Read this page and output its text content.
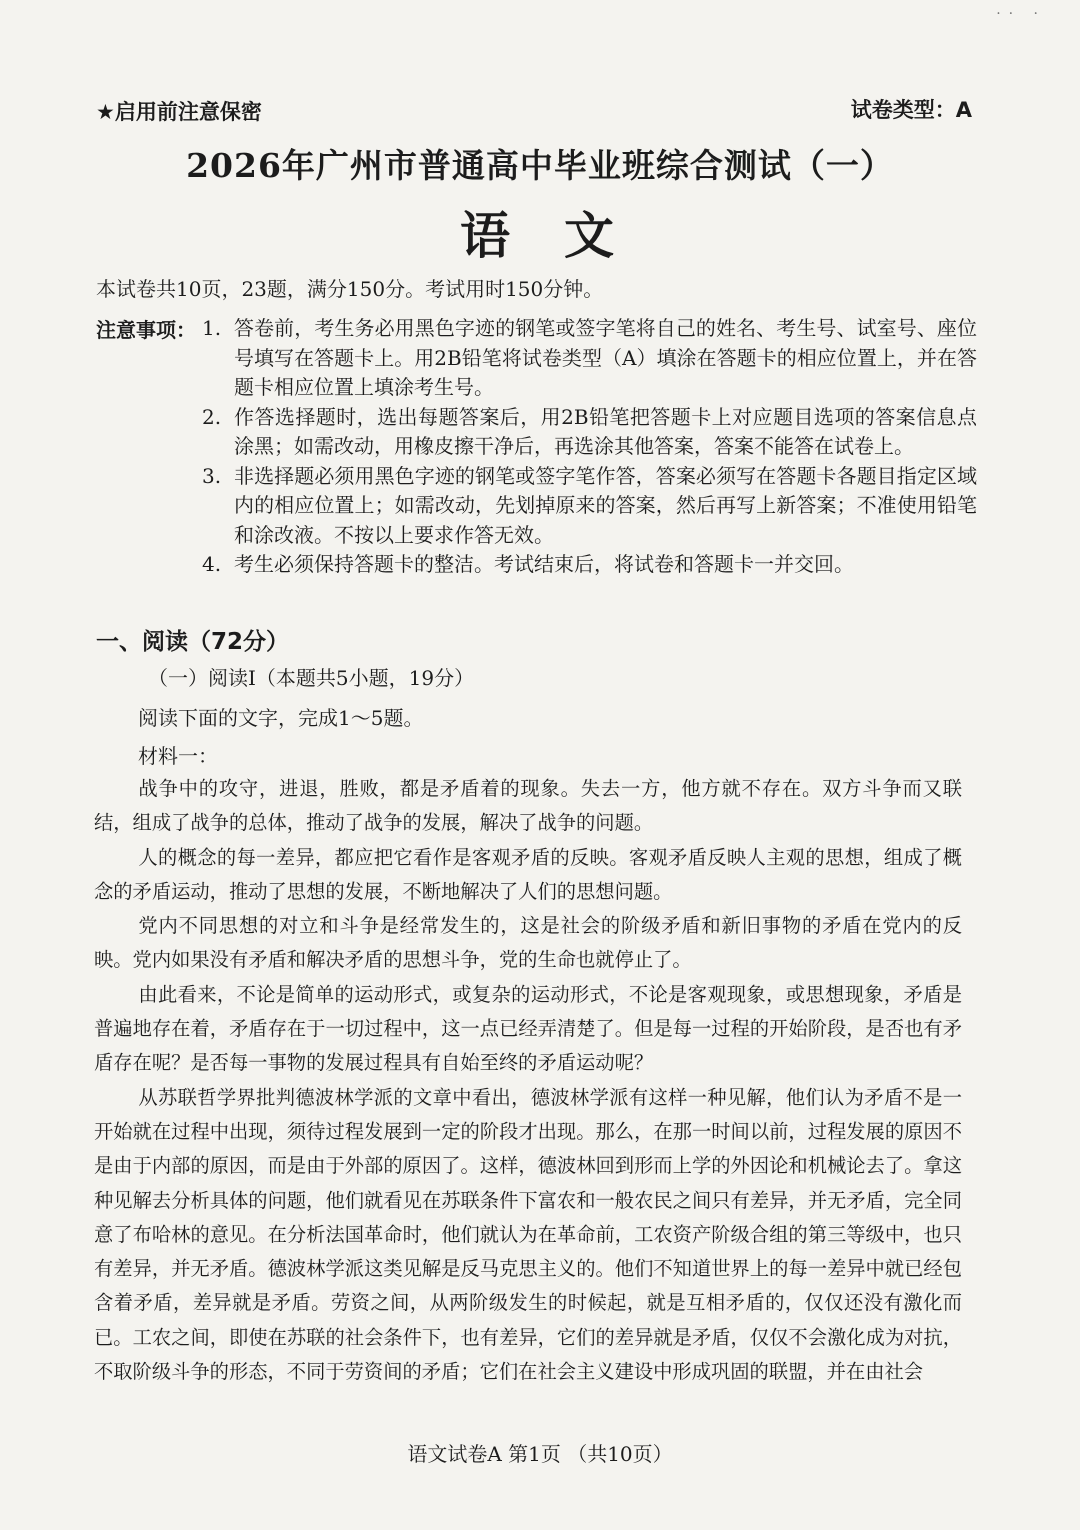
·· ·
★启用前注意保密	试卷类型：A
2026年广州市普通高中毕业班综合测试（一）
语 文
本试卷共10页，23题，满分150分。考试用时150分钟。
注意事项： 1. 答卷前，考生务必用黑色字迹的钢笔或签字笔将自己的姓名、考生号、试室号、座位号填写在答题卡上。用2B铅笔将试卷类型（A）填涂在答题卡的相应位置上，并在答题卡相应位置上填涂考生号。
2. 作答选择题时，选出每题答案后，用2B铅笔把答题卡上对应题目选项的答案信息点涂黑；如需改动，用橡皮擦干净后，再选涂其他答案，答案不能答在试卷上。
3. 非选择题必须用黑色字迹的钢笔或签字笔作答，答案必须写在答题卡各题目指定区域内的相应位置上；如需改动，先划掉原来的答案，然后再写上新答案；不准使用铅笔和涂改液。不按以上要求作答无效。
4. 考生必须保持答题卡的整洁。考试结束后，将试卷和答题卡一并交回。
一、阅读（72分）
（一）阅读Ⅰ（本题共5小题，19分）
阅读下面的文字，完成1～5题。
材料一：

战争中的攻守，进退，胜败，都是矛盾着的现象。失去一方，他方就不存在。双方斗争而又联结，组成了战争的总体，推动了战争的发展，解决了战争的问题。

人的概念的每一差异，都应把它看作是客观矛盾的反映。客观矛盾反映人主观的思想，组成了概念的矛盾运动，推动了思想的发展，不断地解决了人们的思想问题。

党内不同思想的对立和斗争是经常发生的，这是社会的阶级矛盾和新旧事物的矛盾在党内的反映。党内如果没有矛盾和解决矛盾的思想斗争，党的生命也就停止了。

由此看来，不论是简单的运动形式，或复杂的运动形式，不论是客观现象，或思想现象，矛盾是普遍地存在着，矛盾存在于一切过程中，这一点已经弄清楚了。但是每一过程的开始阶段，是否也有矛盾存在呢？是否每一事物的发展过程具有自始至终的矛盾运动呢？

从苏联哲学界批判德波林学派的文章中看出，德波林学派有这样一种见解，他们认为矛盾不是一开始就在过程中出现，须待过程发展到一定的阶段才出现。那么，在那一时间以前，过程发展的原因不是由于内部的原因，而是由于外部的原因了。这样，德波林回到形而上学的外因论和机械论去了。拿这种见解去分析具体的问题，他们就看见在苏联条件下富农和一般农民之间只有差异，并无矛盾，完全同意了布哈林的意见。在分析法国革命时，他们就认为在革命前，工农资产阶级合组的第三等级中，也只有差异，并无矛盾。德波林学派这类见解是反马克思主义的。他们不知道世界上的每一差异中就已经包含着矛盾，差异就是矛盾。劳资之间，从两阶级发生的时候起，就是互相矛盾的，仅仅还没有激化而已。工农之间，即使在苏联的社会条件下，也有差异，它们的差异就是矛盾，仅仅不会激化成为对抗，不取阶级斗争的形态，不同于劳资间的矛盾；它们在社会主义建设中形成巩固的联盟，并在由社会

语文试卷A 第1页 （共10页）
